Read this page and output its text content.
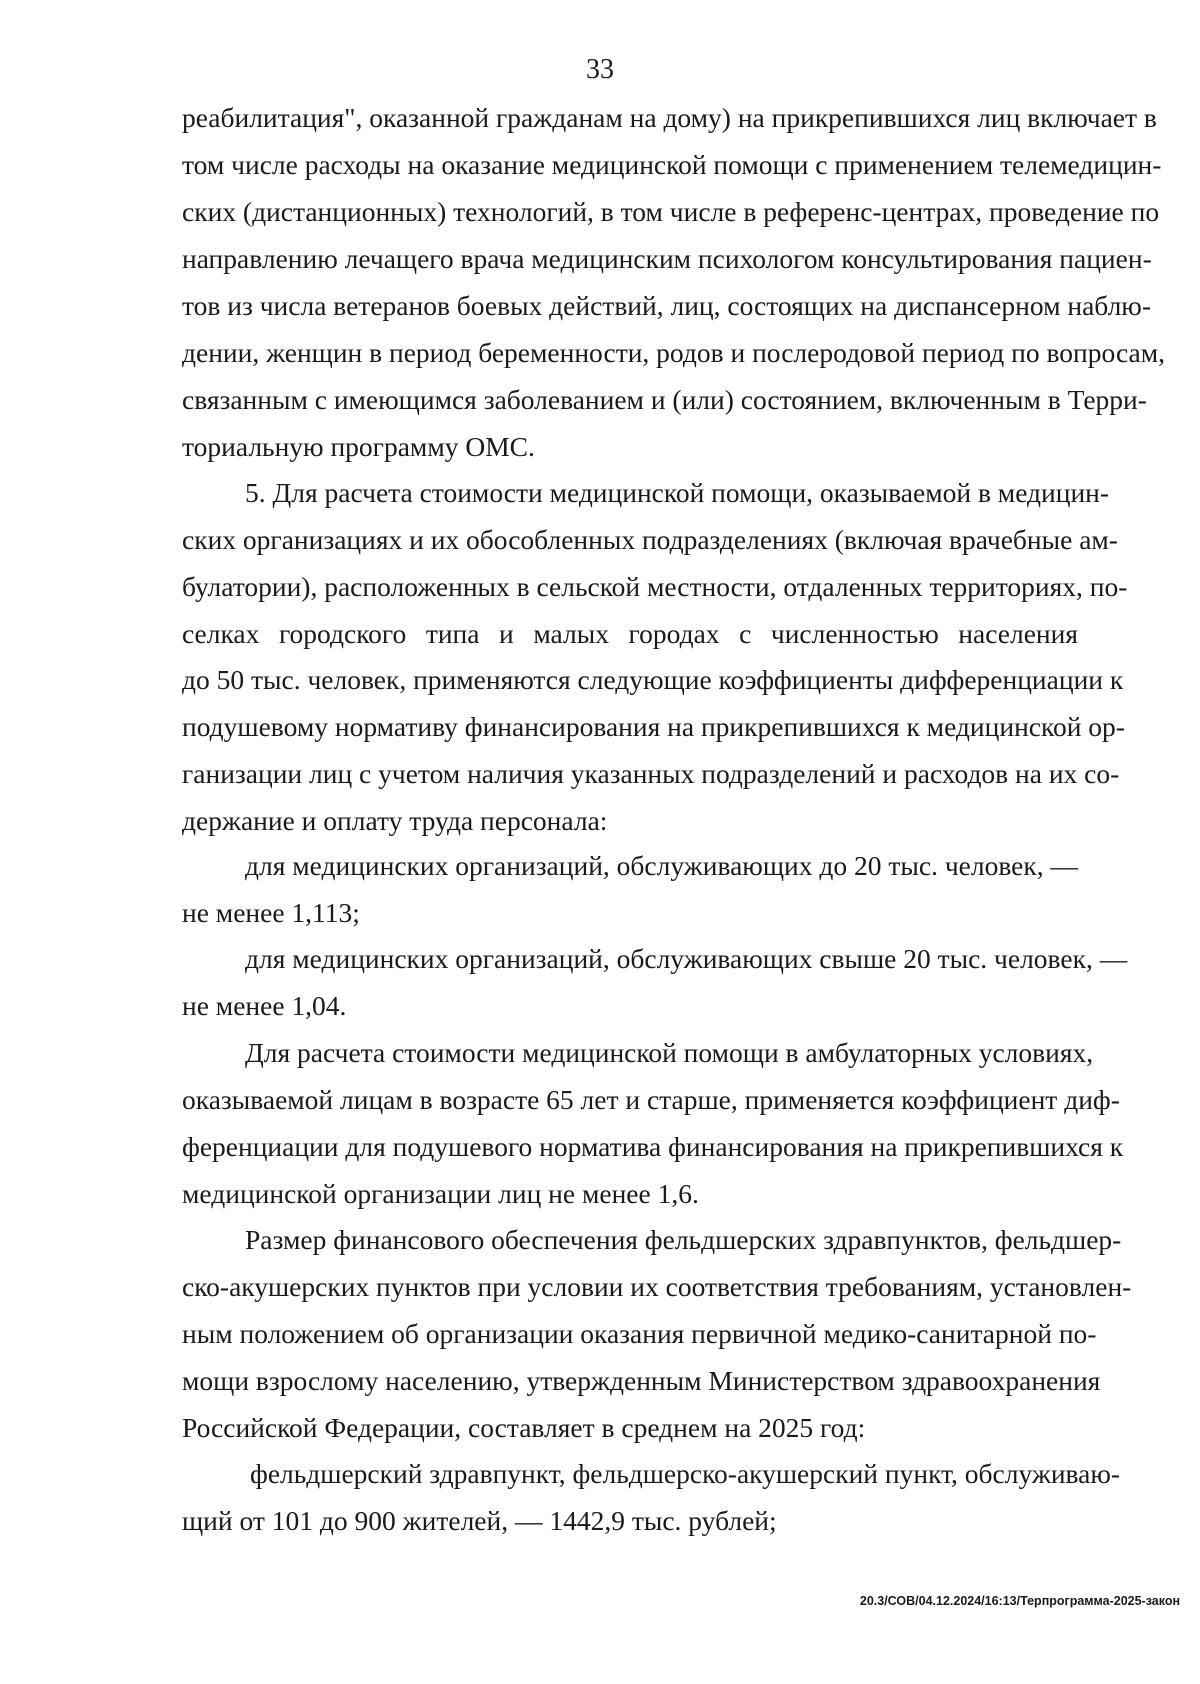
33
реабилитация", оказанной гражданам на дому) на прикрепившихся лиц включает в
том числе расходы на оказание медицинской помощи с применением телемедицин-
ских (дистанционных) технологий, в том числе в референс-центрах, проведение по
направлению лечащего врача медицинским психологом консультирования пациен-
тов из числа ветеранов боевых действий, лиц, состоящих на диспансерном наблю-
дении, женщин в период беременности, родов и послеродовой период по вопросам,
связанным с имеющимся заболеванием и (или) состоянием, включенным в Терри-
ториальную программу ОМС.
5. Для расчета стоимости медицинской помощи, оказываемой в медицин-
ских организациях и их обособленных подразделениях (включая врачебные ам-
булатории), расположенных в сельской местности, отдаленных территориях, по-
селках городского типа и малых городах с численностью населения
до 50 тыс. человек, применяются следующие коэффициенты дифференциации к
подушевому нормативу финансирования на прикрепившихся к медицинской ор-
ганизации лиц с учетом наличия указанных подразделений и расходов на их со-
держание и оплату труда персонала:
для медицинских организаций, обслуживающих до 20 тыс. человек, —
не менее 1,113;
для медицинских организаций, обслуживающих свыше 20 тыс. человек, —
не менее 1,04.
Для расчета стоимости медицинской помощи в амбулаторных условиях,
оказываемой лицам в возрасте 65 лет и старше, применяется коэффициент диф-
ференциации для подушевого норматива финансирования на прикрепившихся к
медицинской организации лиц не менее 1,6.
Размер финансового обеспечения фельдшерских здравпунктов, фельдшер-
ско-акушерских пунктов при условии их соответствия требованиям, установлен-
ным положением об организации оказания первичной медико-санитарной по-
мощи взрослому населению, утвержденным Министерством здравоохранения
Российской Федерации, составляет в среднем на 2025 год:
фельдшерский здравпункт, фельдшерско-акушерский пункт, обслуживаю-
щий от 101 до 900 жителей, — 1442,9 тыс. рублей;
20.3/СОВ/04.12.2024/16:13/Терпрограмма-2025-закон
